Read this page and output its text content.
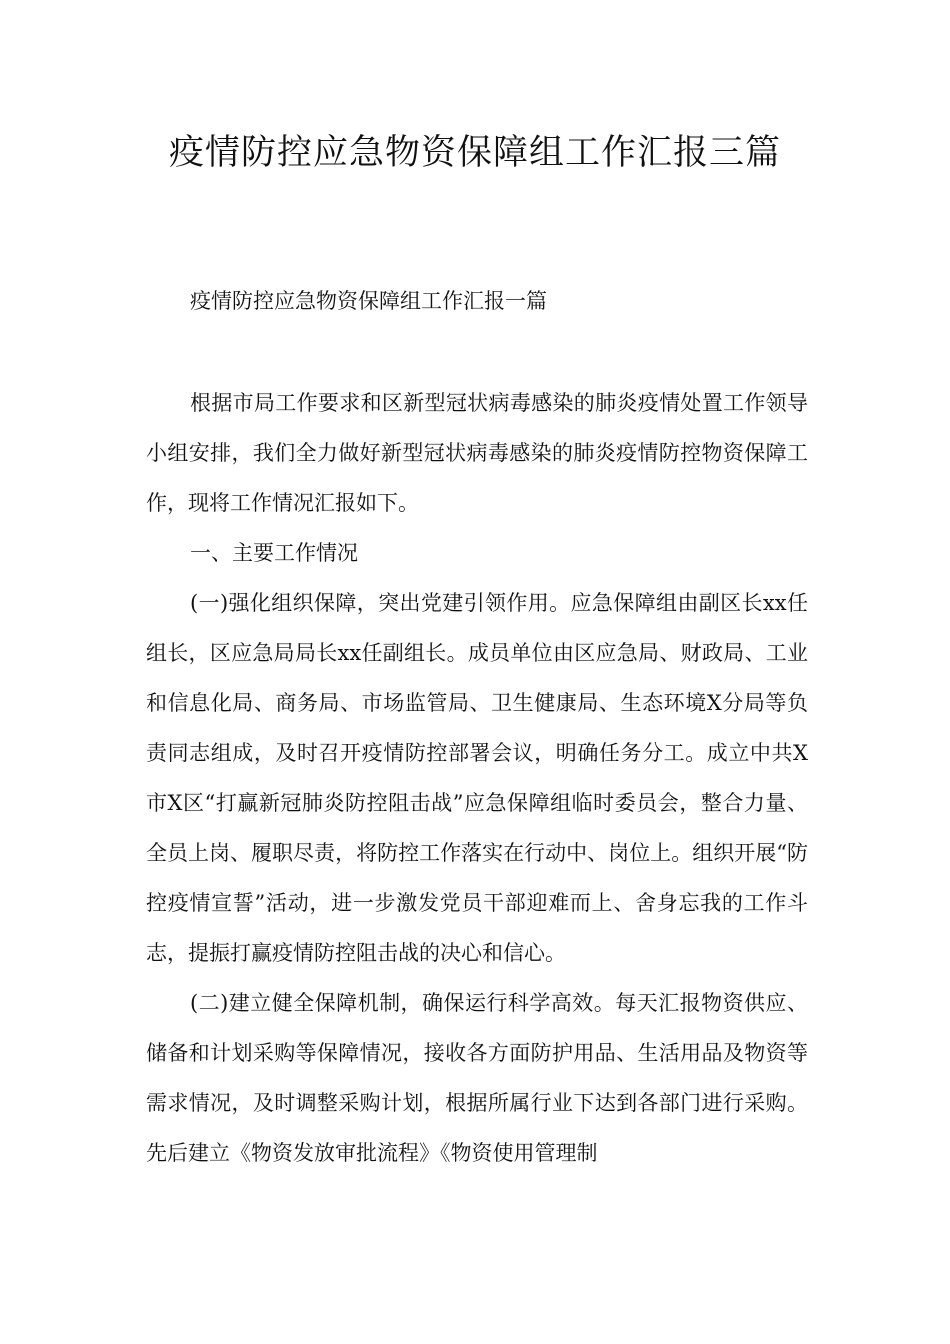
疫情防控应急物资保障组工作汇报三篇

疫情防控应急物资保障组工作汇报一篇

根据市局工作要求和区新型冠状病毒感染的肺炎疫情处置工作领导小组安排，我们全力做好新型冠状病毒感染的肺炎疫情防控物资保障工作，现将工作情况汇报如下。

一、主要工作情况

(一)强化组织保障，突出党建引领作用。应急保障组由副区长xx任组长，区应急局局长xx任副组长。成员单位由区应急局、财政局、工业和信息化局、商务局、市场监管局、卫生健康局、生态环境X分局等负责同志组成，及时召开疫情防控部署会议，明确任务分工。成立中共X市X区“打赢新冠肺炎防控阻击战”应急保障组临时委员会，整合力量、全员上岗、履职尽责，将防控工作落实在行动中、岗位上。组织开展“防控疫情宣誓”活动，进一步激发党员干部迎难而上、舍身忘我的工作斗志，提振打赢疫情防控阻击战的决心和信心。

(二)建立健全保障机制，确保运行科学高效。每天汇报物资供应、储备和计划采购等保障情况，接收各方面防护用品、生活用品及物资等需求情况，及时调整采购计划，根据所属行业下达到各部门进行采购。先后建立《物资发放审批流程》《物资使用管理制
